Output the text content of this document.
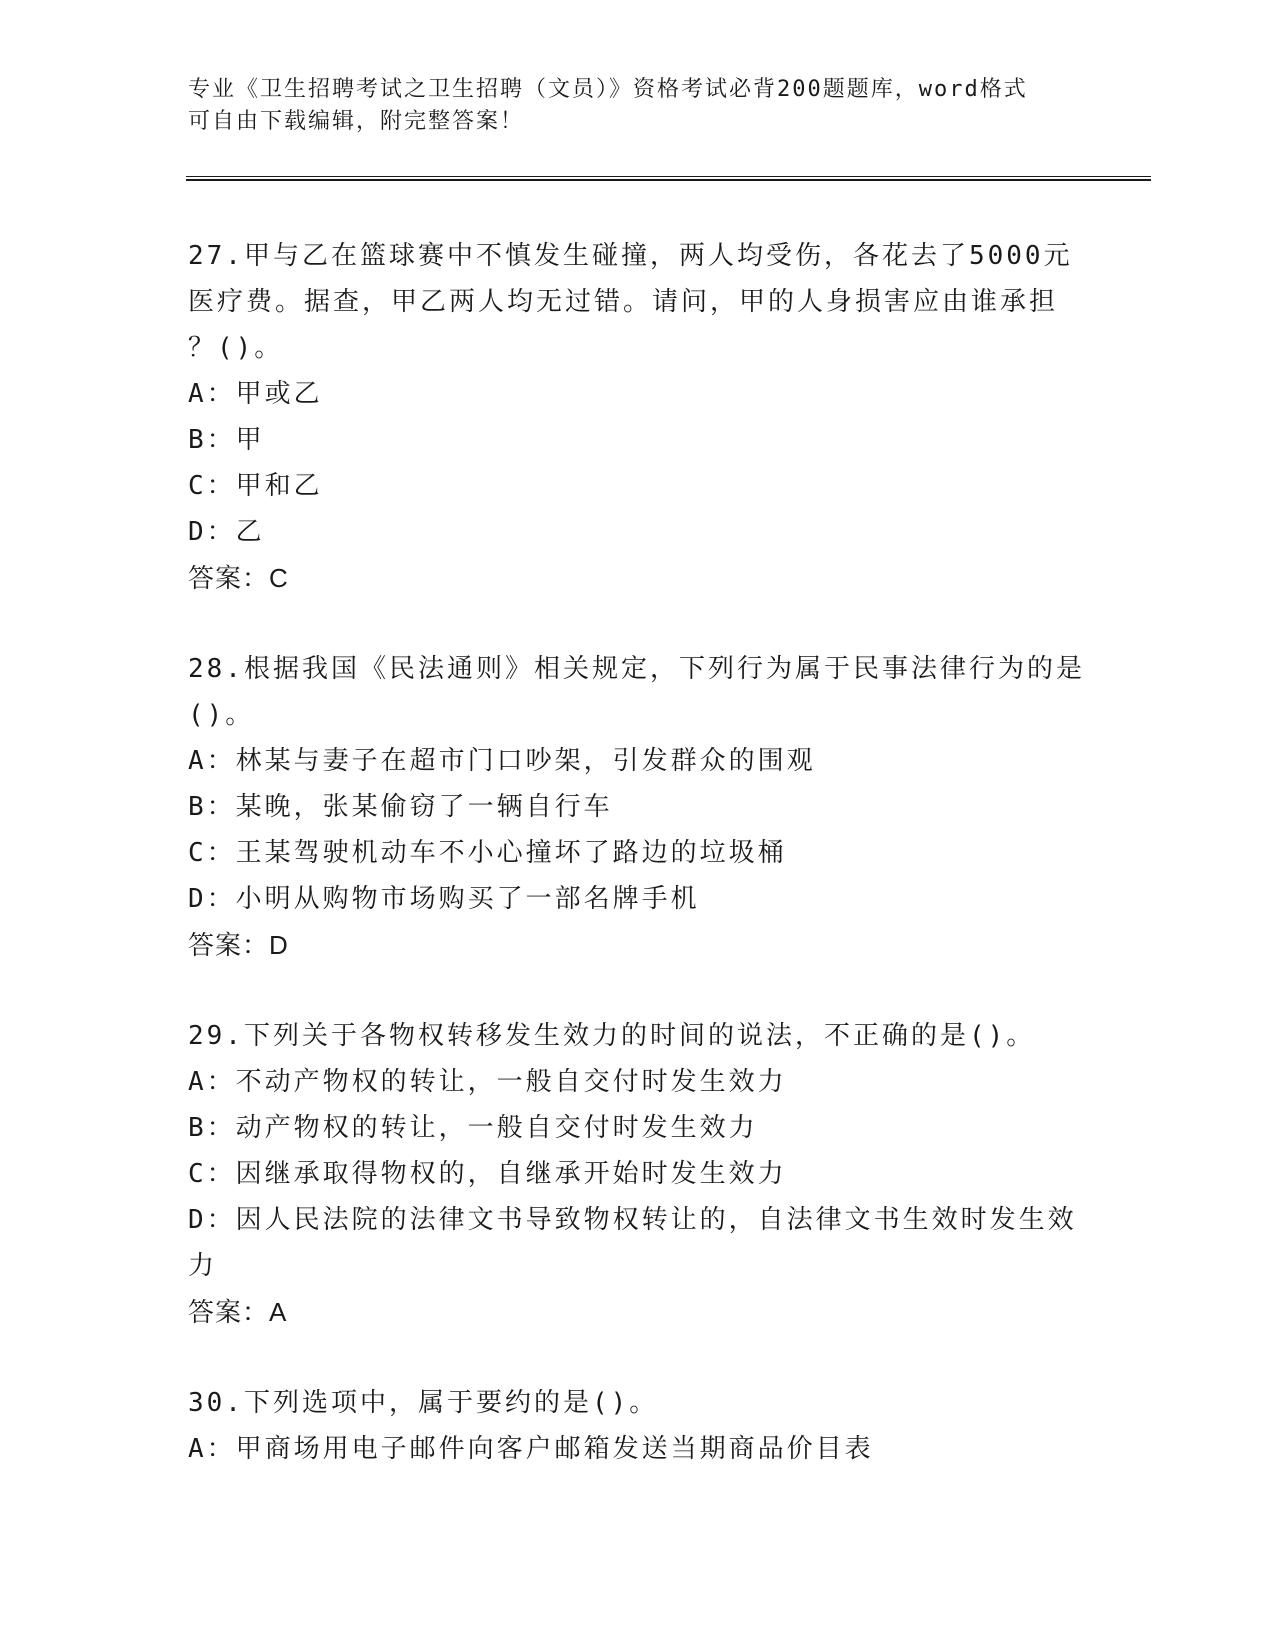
专业《卫生招聘考试之卫生招聘（文员）》资格考试必背200题题库，word格式
可自由下载编辑，附完整答案！
27.甲与乙在篮球赛中不慎发生碰撞，两人均受伤，各花去了5000元
医疗费。据查，甲乙两人均无过错。请问，甲的人身损害应由谁承担
？()。
A：甲或乙
B：甲
C：甲和乙
D：乙
答案：C
28.根据我国《民法通则》相关规定，下列行为属于民事法律行为的是
()。
A：林某与妻子在超市门口吵架，引发群众的围观
B：某晚，张某偷窃了一辆自行车
C：王某驾驶机动车不小心撞坏了路边的垃圾桶
D：小明从购物市场购买了一部名牌手机
答案：D
29.下列关于各物权转移发生效力的时间的说法，不正确的是()。
A：不动产物权的转让，一般自交付时发生效力
B：动产物权的转让，一般自交付时发生效力
C：因继承取得物权的，自继承开始时发生效力
D：因人民法院的法律文书导致物权转让的，自法律文书生效时发生效
力
答案：A
30.下列选项中，属于要约的是()。
A：甲商场用电子邮件向客户邮箱发送当期商品价目表
